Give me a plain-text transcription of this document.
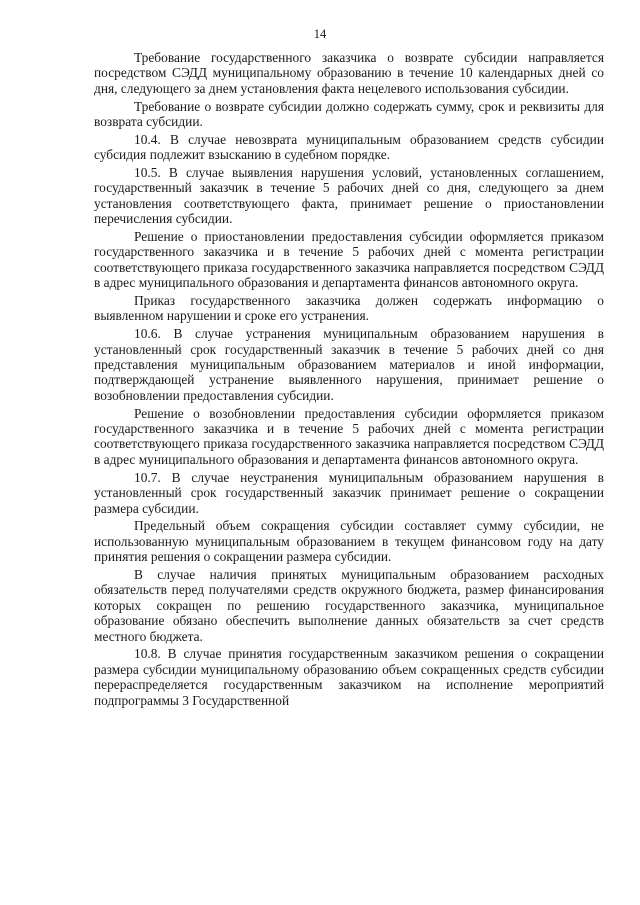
14

Требование государственного заказчика о возврате субсидии направляется посредством СЭДД муниципальному образованию в течение 10 календарных дней со дня, следующего за днем установления факта нецелевого использования субсидии.

Требование о возврате субсидии должно содержать сумму, срок и реквизиты для возврата субсидии.

10.4. В случае невозврата муниципальным образованием средств субсидии субсидия подлежит взысканию в судебном порядке.

10.5. В случае выявления нарушения условий, установленных соглашением, государственный заказчик в течение 5 рабочих дней со дня, следующего за днем установления соответствующего факта, принимает решение о приостановлении перечисления субсидии.

Решение о приостановлении предоставления субсидии оформляется приказом государственного заказчика и в течение 5 рабочих дней с момента регистрации соответствующего приказа государственного заказчика направляется посредством СЭДД в адрес муниципального образования и департамента финансов автономного округа.

Приказ государственного заказчика должен содержать информацию о выявленном нарушении и сроке его устранения.

10.6. В случае устранения муниципальным образованием нарушения в установленный срок государственный заказчик в течение 5 рабочих дней со дня представления муниципальным образованием материалов и иной информации, подтверждающей устранение выявленного нарушения, принимает решение о возобновлении предоставления субсидии.

Решение о возобновлении предоставления субсидии оформляется приказом государственного заказчика и в течение 5 рабочих дней с момента регистрации соответствующего приказа государственного заказчика направляется посредством СЭДД в адрес муниципального образования и департамента финансов автономного округа.

10.7. В случае неустранения муниципальным образованием нарушения в установленный срок государственный заказчик принимает решение о сокращении размера субсидии.

Предельный объем сокращения субсидии составляет сумму субсидии, не использованную муниципальным образованием в текущем финансовом году на дату принятия решения о сокращении размера субсидии.

В случае наличия принятых муниципальным образованием расходных обязательств перед получателями средств окружного бюджета, размер финансирования которых сокращен по решению государственного заказчика, муниципальное образование обязано обеспечить выполнение данных обязательств за счет средств местного бюджета.

10.8. В случае принятия государственным заказчиком решения о сокращении размера субсидии муниципальному образованию объем сокращенных средств субсидии перераспределяется государственным заказчиком на исполнение мероприятий подпрограммы 3 Государственной
